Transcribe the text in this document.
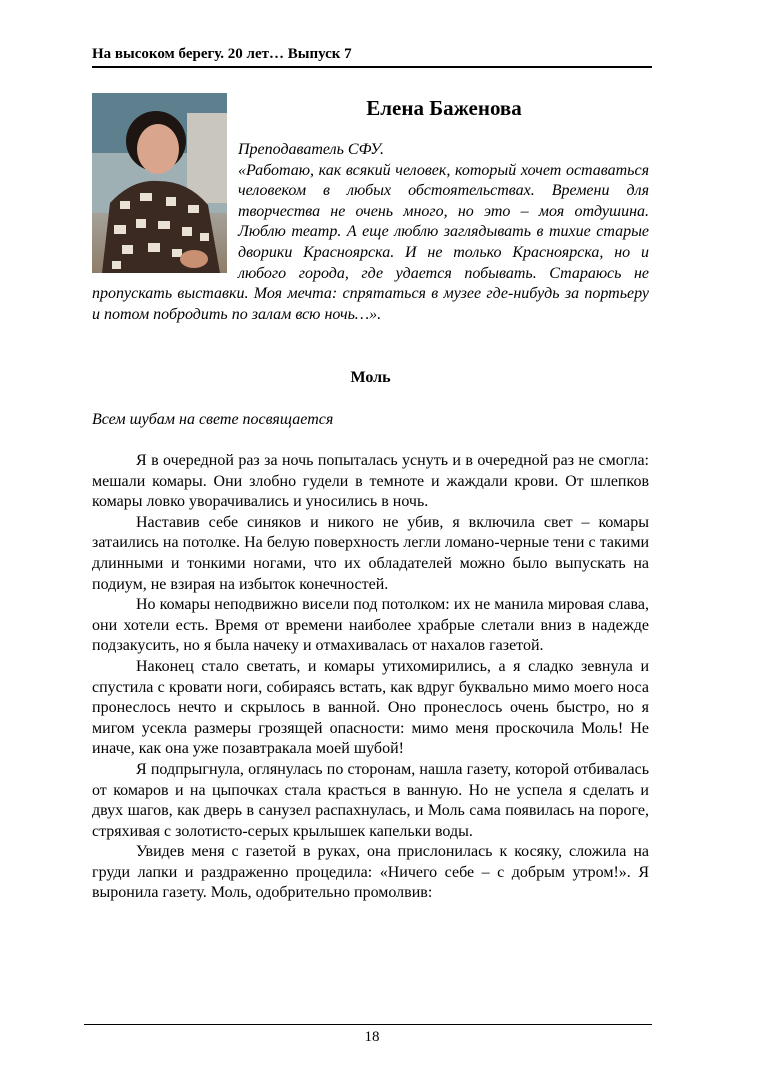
На высоком берегу. 20 лет… Выпуск 7
Елена Баженова

Преподаватель СФУ.

«Работаю, как всякий человек, который хочет оставаться человеком в любых обстоятельствах. Времени для творчества не очень много, но это – моя отдушина. Люблю театр. А еще люблю заглядывать в тихие старые дворики Красноярска. И не только Красноярска, но и любого города, где удается побывать. Стараюсь не пропускать выставки. Моя мечта: спрятаться в музее где-нибудь за портьеру и потом побродить по залам всю ночь…».

Моль
Всем шубам на свете посвящается

Я в очередной раз за ночь попыталась уснуть и в очередной раз не смогла: мешали комары. Они злобно гудели в темноте и жаждали крови. От шлепков комары ловко уворачивались и уносились в ночь.

Наставив себе синяков и никого не убив, я включила свет – комары затаились на потолке. На белую поверхность легли ломано-черные тени с такими длинными и тонкими ногами, что их обладателей можно было выпускать на подиум, не взирая на избыток конечностей.

Но комары неподвижно висели под потолком: их не манила мировая слава, они хотели есть. Время от времени наиболее храбрые слетали вниз в надежде подзакусить, но я была начеку и отмахивалась от нахалов газетой.

Наконец стало светать, и комары утихомирились, а я сладко зевнула и спустила с кровати ноги, собираясь встать, как вдруг буквально мимо моего носа пронеслось нечто и скрылось в ванной. Оно пронеслось очень быстро, но я мигом усекла размеры грозящей опасности: мимо меня проскочила Моль! Не иначе, как она уже позавтракала моей шубой!

Я подпрыгнула, оглянулась по сторонам, нашла газету, которой отбивалась от комаров и на цыпочках стала красться в ванную. Но не успела я сделать и двух шагов, как дверь в санузел распахнулась, и Моль сама появилась на пороге, стряхивая с золотисто-серых крылышек капельки воды.

Увидев меня с газетой в руках, она прислонилась к косяку, сложила на груди лапки и раздраженно процедила: «Ничего себе – с добрым утром!». Я выронила газету. Моль, одобрительно промолвив:

18
